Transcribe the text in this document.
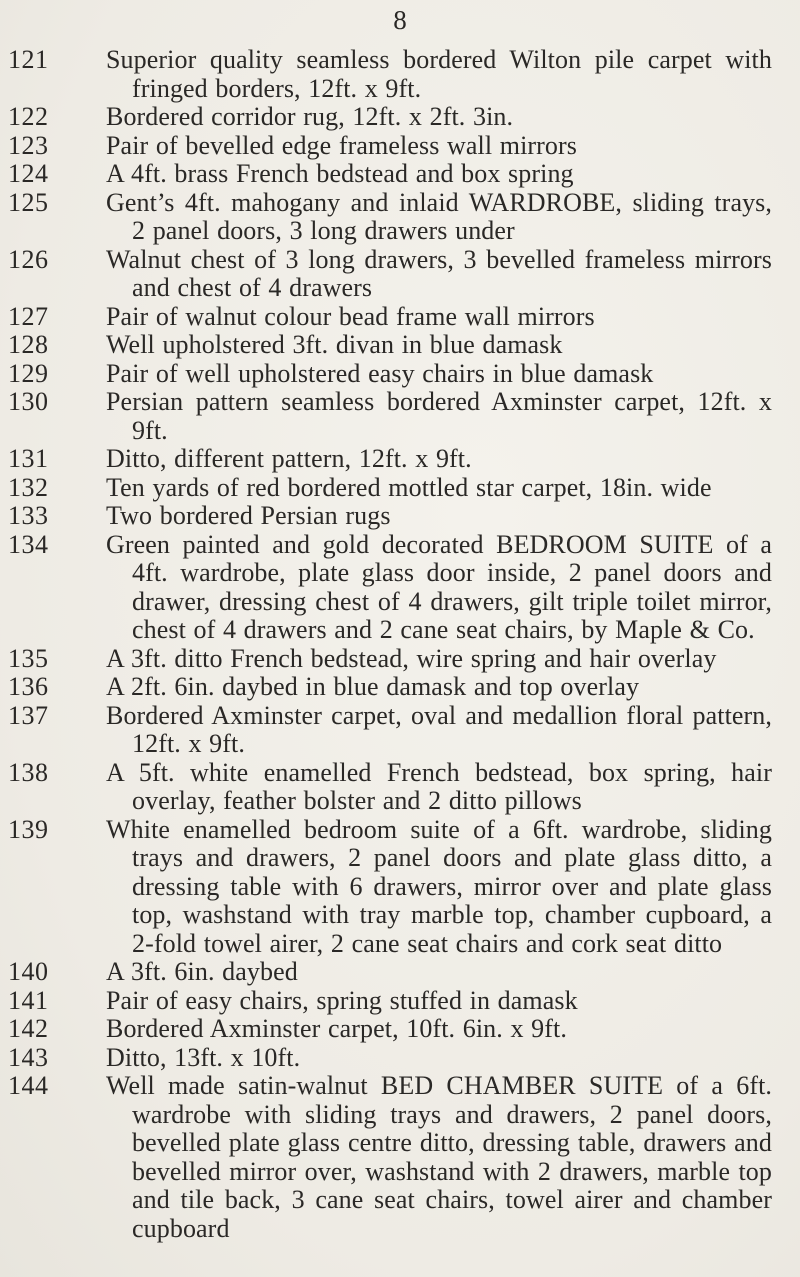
8
121	Superior quality seamless bordered Wilton pile carpet with fringed borders, 12ft. x 9ft.
122	Bordered corridor rug, 12ft. x 2ft. 3in.
123	Pair of bevelled edge frameless wall mirrors
124	A 4ft. brass French bedstead and box spring
125	Gent’s 4ft. mahogany and inlaid WARDROBE, sliding trays, 2 panel doors, 3 long drawers under
126	Walnut chest of 3 long drawers, 3 bevelled frameless mirrors and chest of 4 drawers
127	Pair of walnut colour bead frame wall mirrors
128	Well upholstered 3ft. divan in blue damask
129	Pair of well upholstered easy chairs in blue damask
130	Persian pattern seamless bordered Axminster carpet, 12ft. x 9ft.
131	Ditto, different pattern, 12ft. x 9ft.
132	Ten yards of red bordered mottled star carpet, 18in. wide
133	Two bordered Persian rugs
134	Green painted and gold decorated BEDROOM SUITE of a 4ft. wardrobe, plate glass door inside, 2 panel doors and drawer, dressing chest of 4 drawers, gilt triple toilet mirror, chest of 4 drawers and 2 cane seat chairs, by Maple & Co.
135	A 3ft. ditto French bedstead, wire spring and hair overlay
136	A 2ft. 6in. daybed in blue damask and top overlay
137	Bordered Axminster carpet, oval and medallion floral pattern, 12ft. x 9ft.
138	A 5ft. white enamelled French bedstead, box spring, hair overlay, feather bolster and 2 ditto pillows
139	White enamelled bedroom suite of a 6ft. wardrobe, sliding trays and drawers, 2 panel doors and plate glass ditto, a dressing table with 6 drawers, mirror over and plate glass top, washstand with tray marble top, chamber cupboard, a 2-fold towel airer, 2 cane seat chairs and cork seat ditto
140	A 3ft. 6in. daybed
141	Pair of easy chairs, spring stuffed in damask
142	Bordered Axminster carpet, 10ft. 6in. x 9ft.
143	Ditto, 13ft. x 10ft.
144	Well made satin-walnut BED CHAMBER SUITE of a 6ft. wardrobe with sliding trays and drawers, 2 panel doors, bevelled plate glass centre ditto, dressing table, drawers and bevelled mirror over, washstand with 2 drawers, marble top and tile back, 3 cane seat chairs, towel airer and chamber cupboard
